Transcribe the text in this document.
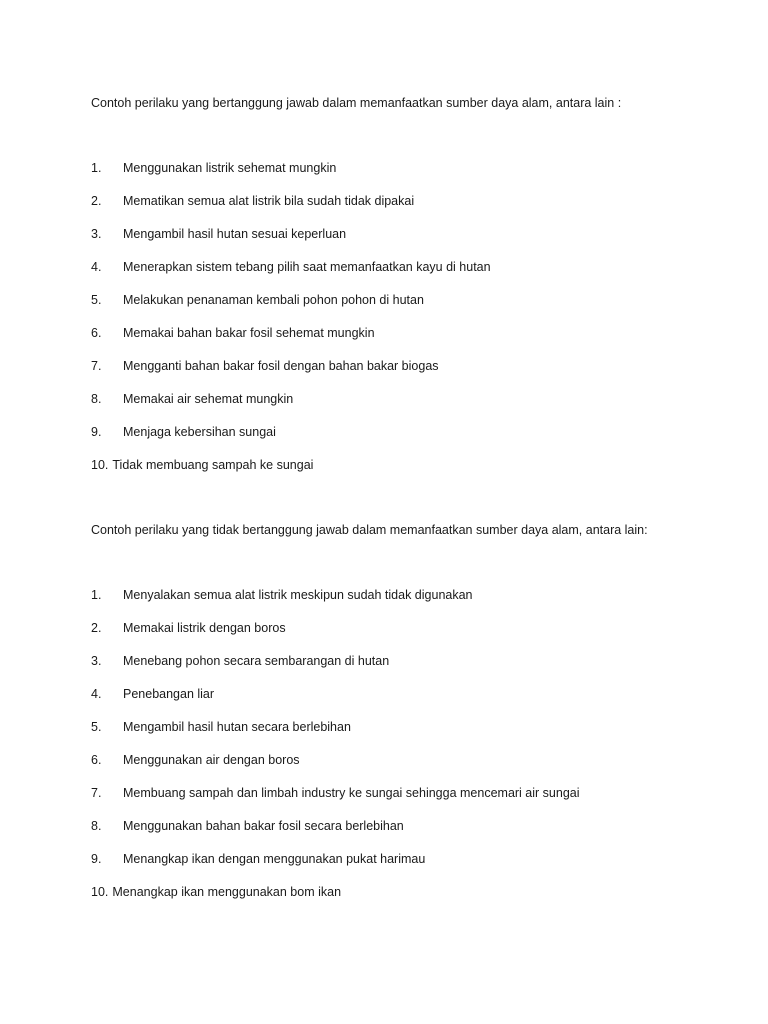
Contoh perilaku yang bertanggung jawab dalam memanfaatkan sumber daya alam, antara lain :

1. Menggunakan listrik sehemat mungkin
2. Mematikan semua alat listrik bila sudah tidak dipakai
3. Mengambil hasil hutan sesuai keperluan
4. Menerapkan sistem tebang pilih saat memanfaatkan kayu di hutan
5. Melakukan penanaman kembali pohon pohon di hutan
6. Memakai bahan bakar fosil sehemat mungkin
7. Mengganti bahan bakar fosil dengan bahan bakar biogas
8. Memakai air sehemat mungkin
9. Menjaga kebersihan sungai
10. Tidak membuang sampah ke sungai

Contoh perilaku yang tidak bertanggung jawab dalam memanfaatkan sumber daya alam, antara lain:

1. Menyalakan semua alat listrik meskipun sudah tidak digunakan
2. Memakai listrik dengan boros
3. Menebang pohon secara sembarangan di hutan
4. Penebangan liar
5. Mengambil hasil hutan secara berlebihan
6. Menggunakan air dengan boros
7. Membuang sampah dan limbah industry ke sungai sehingga mencemari air sungai
8. Menggunakan bahan bakar fosil secara berlebihan
9. Menangkap ikan dengan menggunakan pukat harimau
10. Menangkap ikan menggunakan bom ikan
